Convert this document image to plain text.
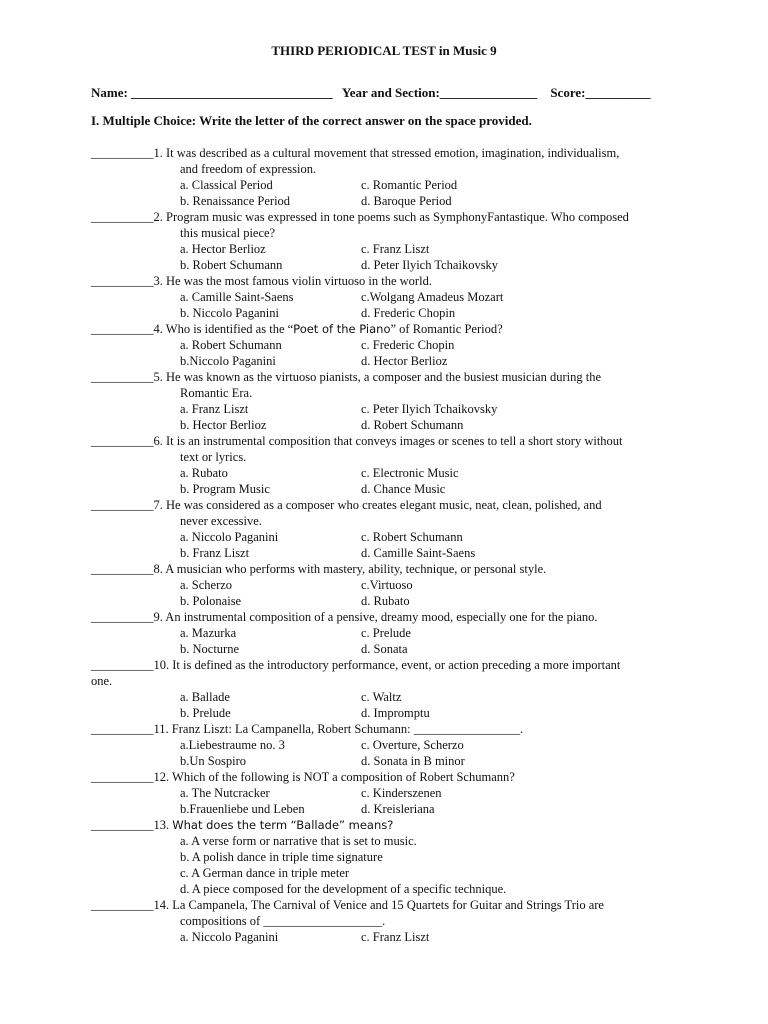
THIRD PERIODICAL TEST in Music 9
Name: _______________________________   Year and Section:_______________    Score:__________
I. Multiple Choice: Write the letter of the correct answer on the space provided.
__________1. It was described as a cultural movement that stressed emotion, imagination, individualism,
and freedom of expression.
a. Classical Period	c. Romantic Period
b. Renaissance Period	d. Baroque Period
__________2. Program music was expressed in tone poems such as SymphonyFantastique. Who composed
this musical piece?
a. Hector Berlioz	c. Franz Liszt
b. Robert Schumann	d. Peter Ilyich Tchaikovsky
__________3. He was the most famous violin virtuoso in the world.
a. Camille Saint-Saens	c.Wolgang Amadeus Mozart
b. Niccolo Paganini	d. Frederic Chopin
__________4. Who is identified as the “Poet of the Piano” of Romantic Period?
a. Robert Schumann	c. Frederic Chopin
b.Niccolo Paganini	d. Hector Berlioz
__________5. He was known as the virtuoso pianists, a composer and the busiest musician during the
Romantic Era.
a. Franz Liszt	c. Peter Ilyich Tchaikovsky
b. Hector Berlioz	d. Robert Schumann
__________6. It is an instrumental composition that conveys images or scenes to tell a short story without
text or lyrics.
a. Rubato	c. Electronic Music
b. Program Music	d. Chance Music
__________7. He was considered as a composer who creates elegant music, neat, clean, polished, and
never excessive.
a. Niccolo Paganini	c. Robert Schumann
b. Franz Liszt	d. Camille Saint-Saens
__________8. A musician who performs with mastery, ability, technique, or personal style.
a. Scherzo	c.Virtuoso
b. Polonaise	d. Rubato
__________9. An instrumental composition of a pensive, dreamy mood, especially one for the piano.
a. Mazurka	c. Prelude
b. Nocturne	d. Sonata
__________10. It is defined as the introductory performance, event, or action preceding a more important
one.
a. Ballade	c. Waltz
b. Prelude	d. Impromptu
__________11. Franz Liszt: La Campanella, Robert Schumann: _________________.
a.Liebestraume no. 3	c. Overture, Scherzo
b.Un Sospiro	d. Sonata in B minor
__________12. Which of the following is NOT a composition of Robert Schumann?
a. The Nutcracker	c. Kinderszenen
b.Frauenliebe und Leben	d. Kreisleriana
__________13. What does the term “Ballade” means?
a. A verse form or narrative that is set to music.
b. A polish dance in triple time signature
c. A German dance in triple meter
d. A piece composed for the development of a specific technique.
__________14. La Campanela, The Carnival of Venice and 15 Quartets for Guitar and Strings Trio are
compositions of ___________________.
a. Niccolo Paganini	c. Franz Liszt
